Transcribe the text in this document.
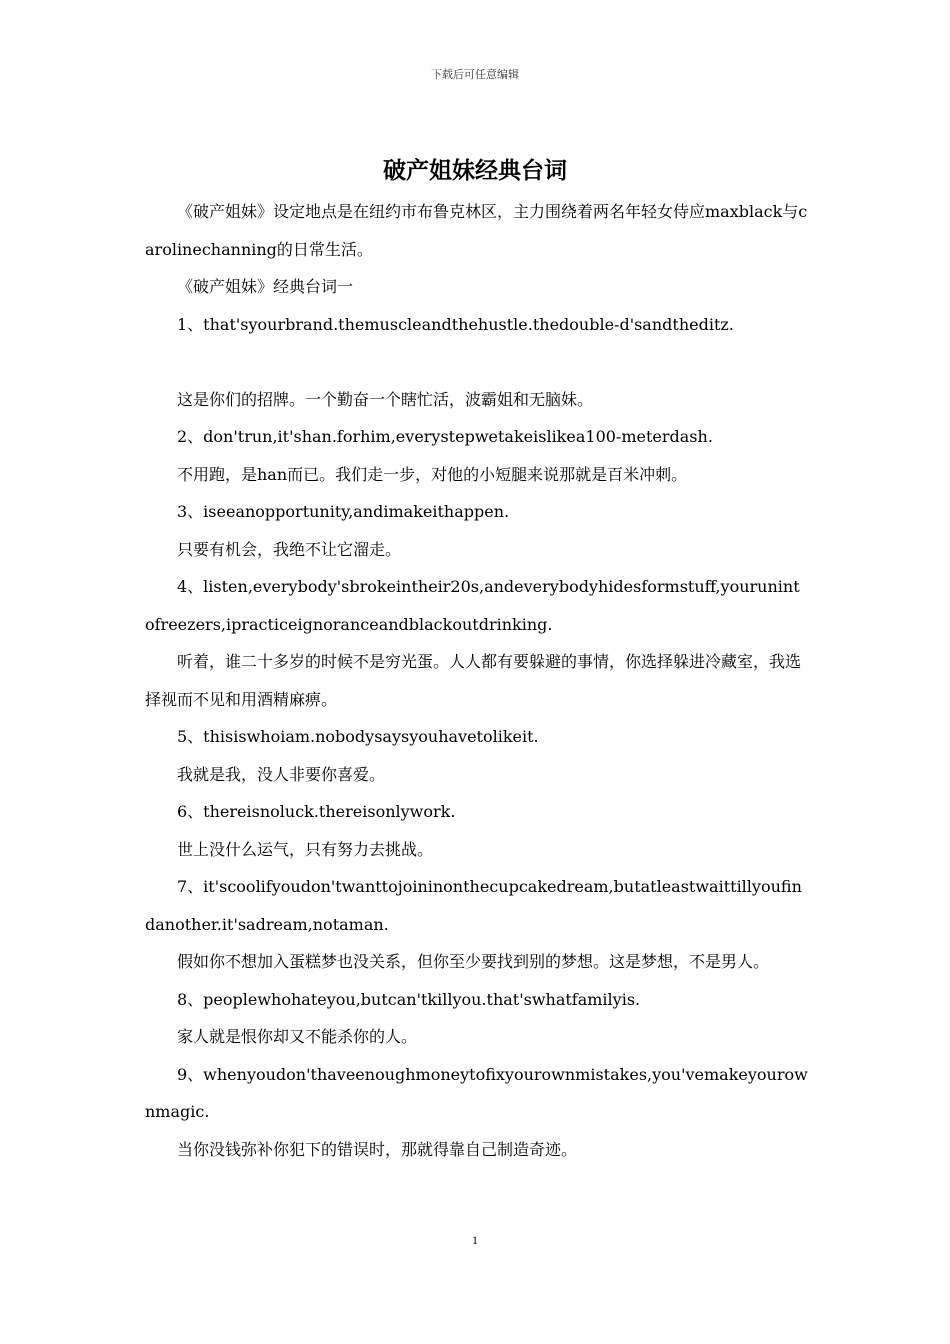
下载后可任意编辑
破产姐妹经典台词

《破产姐妹》设定地点是在纽约市布鲁克林区，主力围绕着两名年轻女侍应maxblack与carolinechanning的日常生活。

《破产姐妹》经典台词一

1、that'syourbrand.themuscleandthehustle.thedouble-d'sandtheditz.

这是你们的招牌。一个勤奋一个瞎忙活，波霸姐和无脑妹。

2、don'trun,it'shan.forhim,everystepwetakeislikea100-meterdash.

不用跑，是han而已。我们走一步，对他的小短腿来说那就是百米冲刺。

3、iseeanopportunity,andimakeithappen.

只要有机会，我绝不让它溜走。

4、listen,everybody'sbrokeintheir20s,andeverybodyhidesformstuff,yourunintofreezers,ipracticeignoranceandblackoutdrinking.

听着，谁二十多岁的时候不是穷光蛋。人人都有要躲避的事情，你选择躲进冷藏室，我选择视而不见和用酒精麻痹。

5、thisiswhoiam.nobodysaysyouhavetolikeit.

我就是我，没人非要你喜爱。

6、thereisnoluck.thereisonlywork.

世上没什么运气，只有努力去挑战。

7、it'scoolifyoudon'twanttojoininonthecupcakedream,butatleastwaittillyoufindanother.it'sadream,notaman.

假如你不想加入蛋糕梦也没关系，但你至少要找到别的梦想。这是梦想，不是男人。

8、peoplewhohateyou,butcan'tkillyou.that'swhatfamilyis.

家人就是恨你却又不能杀你的人。

9、whenyoudon'thaveenoughmoneytofixyourownmistakes,you'vemakeyourownmagic.

当你没钱弥补你犯下的错误时，那就得靠自己制造奇迹。

1
